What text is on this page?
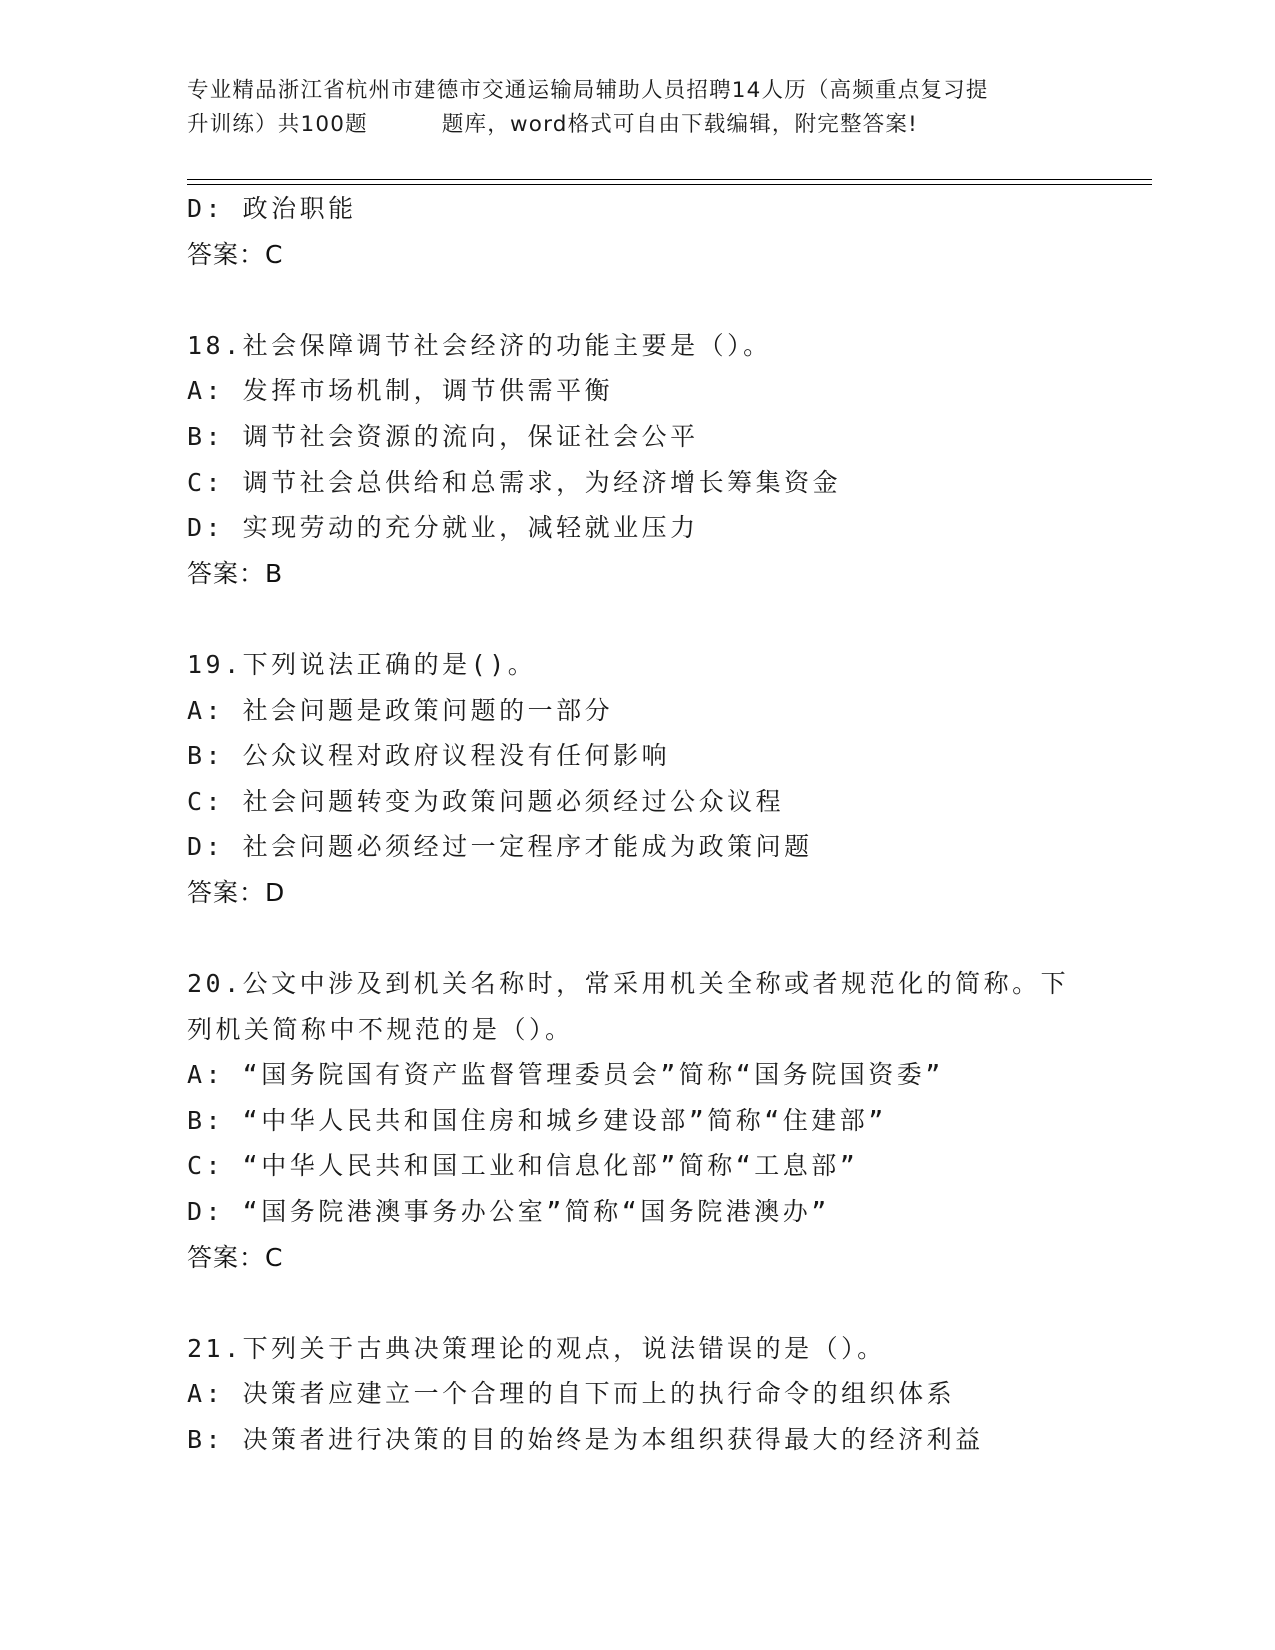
专业精品浙江省杭州市建德市交通运输局辅助人员招聘14人历（高频重点复习提
升训练）共100题	题库，word格式可自由下载编辑，附完整答案!
D: 政治职能
答案：C
18.社会保障调节社会经济的功能主要是（）。
A: 发挥市场机制，调节供需平衡
B: 调节社会资源的流向，保证社会公平
C: 调节社会总供给和总需求，为经济增长筹集资金
D: 实现劳动的充分就业，减轻就业压力
答案：B
19.下列说法正确的是()。
A: 社会问题是政策问题的一部分
B: 公众议程对政府议程没有任何影响
C: 社会问题转变为政策问题必须经过公众议程
D: 社会问题必须经过一定程序才能成为政策问题
答案：D
20.公文中涉及到机关名称时，常采用机关全称或者规范化的简称。下
列机关简称中不规范的是（）。
A: “国务院国有资产监督管理委员会”简称“国务院国资委”
B: “中华人民共和国住房和城乡建设部”简称“住建部”
C: “中华人民共和国工业和信息化部”简称“工息部”
D: “国务院港澳事务办公室”简称“国务院港澳办”
答案：C
21.下列关于古典决策理论的观点，说法错误的是（）。
A: 决策者应建立一个合理的自下而上的执行命令的组织体系
B: 决策者进行决策的目的始终是为本组织获得最大的经济利益
